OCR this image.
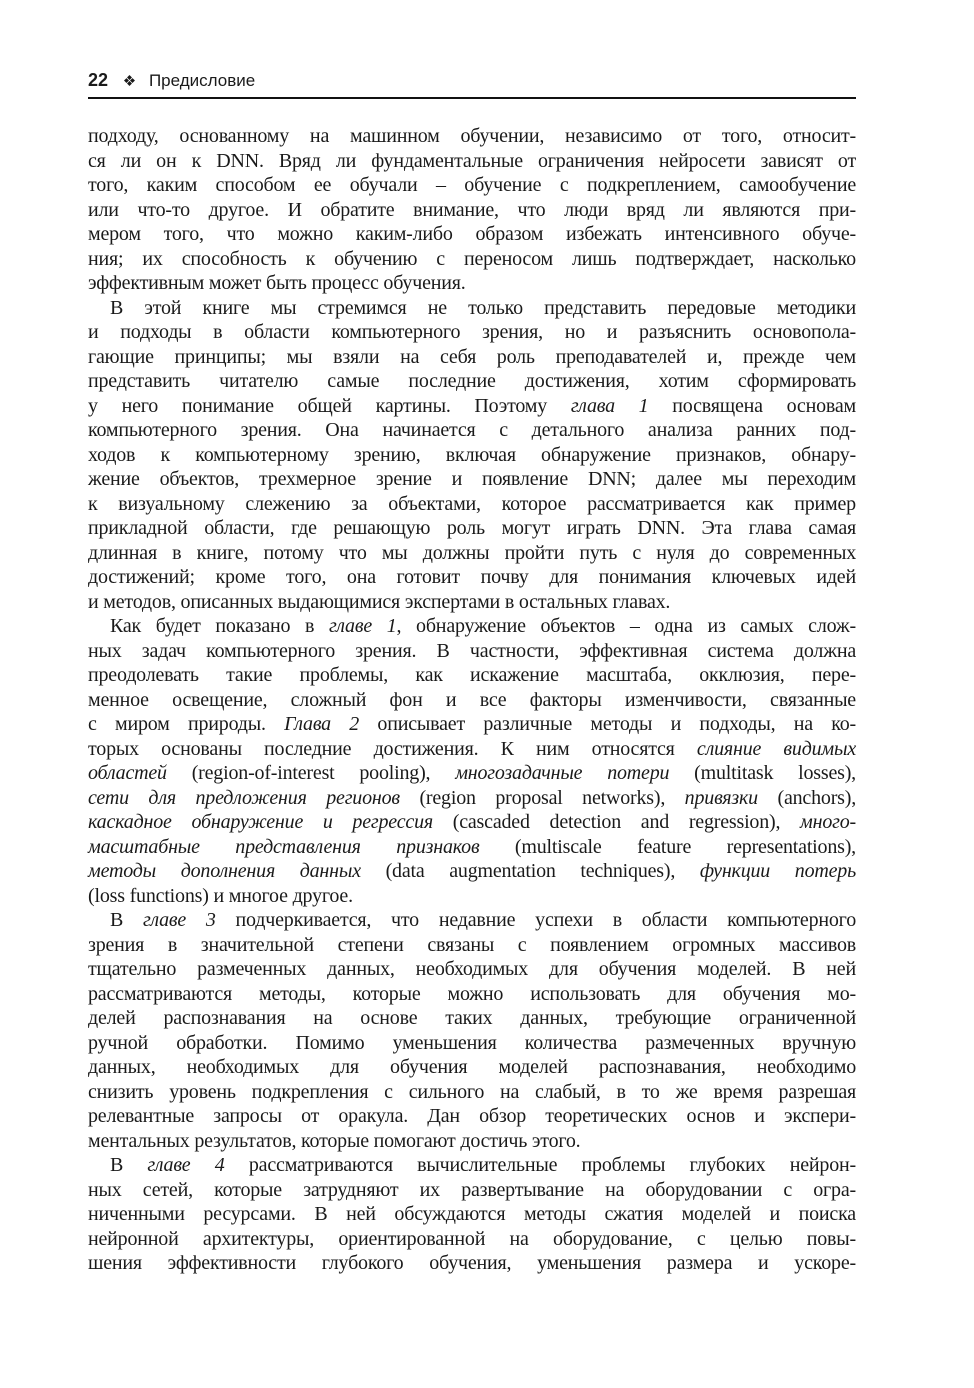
22 ❖ Предисловие
подходу, основанному на машинном обучении, независимо от того, относит-
ся ли он к DNN. Вряд ли фундаментальные ограничения нейросети зависят от
того, каким способом ее обучали – обучение с подкреплением, самообучение
или что-то другое. И обратите внимание, что люди вряд ли являются при-
мером того, что можно каким-либо образом избежать интенсивного обуче-
ния; их способность к обучению с переносом лишь подтверждает, насколько
эффективным может быть процесс обучения.
В этой книге мы стремимся не только представить передовые методики
и подходы в области компьютерного зрения, но и разъяснить основопола-
гающие принципы; мы взяли на себя роль преподавателей и, прежде чем
представить читателю самые последние достижения, хотим сформировать
у него понимание общей картины. Поэтому глава 1 посвящена основам
компьютерного зрения. Она начинается с детального анализа ранних под-
ходов к компьютерному зрению, включая обнаружение признаков, обнару-
жение объектов, трехмерное зрение и появление DNN; далее мы переходим
к визуальному слежению за объектами, которое рассматривается как пример
прикладной области, где решающую роль могут играть DNN. Эта глава самая
длинная в книге, потому что мы должны пройти путь с нуля до современных
достижений; кроме того, она готовит почву для понимания ключевых идей
и методов, описанных выдающимися экспертами в остальных главах.
Как будет показано в главе 1, обнаружение объектов – одна из самых слож-
ных задач компьютерного зрения. В частности, эффективная система должна
преодолевать такие проблемы, как искажение масштаба, окклюзия, пере-
менное освещение, сложный фон и все факторы изменчивости, связанные
с миром природы. Глава 2 описывает различные методы и подходы, на ко-
торых основаны последние достижения. К ним относятся слияние видимых
областей (region-of-interest pooling), многозадачные потери (multitask losses),
сети для предложения регионов (region proposal networks), привязки (anchors),
каскадное обнаружение и регрессия (cascaded detection and regression), много-
масштабные представления признаков (multiscale feature representations),
методы дополнения данных (data augmentation techniques), функции потерь
(loss functions) и многое другое.
В главе 3 подчеркивается, что недавние успехи в области компьютерного
зрения в значительной степени связаны с появлением огромных массивов
тщательно размеченных данных, необходимых для обучения моделей. В ней
рассматриваются методы, которые можно использовать для обучения мо-
делей распознавания на основе таких данных, требующие ограниченной
ручной обработки. Помимо уменьшения количества размеченных вручную
данных, необходимых для обучения моделей распознавания, необходимо
снизить уровень подкрепления с сильного на слабый, в то же время разрешая
релевантные запросы от оракула. Дан обзор теоретических основ и экспери-
ментальных результатов, которые помогают достичь этого.
В главе 4 рассматриваются вычислительные проблемы глубоких нейрон-
ных сетей, которые затрудняют их развертывание на оборудовании с огра-
ниченными ресурсами. В ней обсуждаются методы сжатия моделей и поиска
нейронной архитектуры, ориентированной на оборудование, с целью повы-
шения эффективности глубокого обучения, уменьшения размера и ускоре-
